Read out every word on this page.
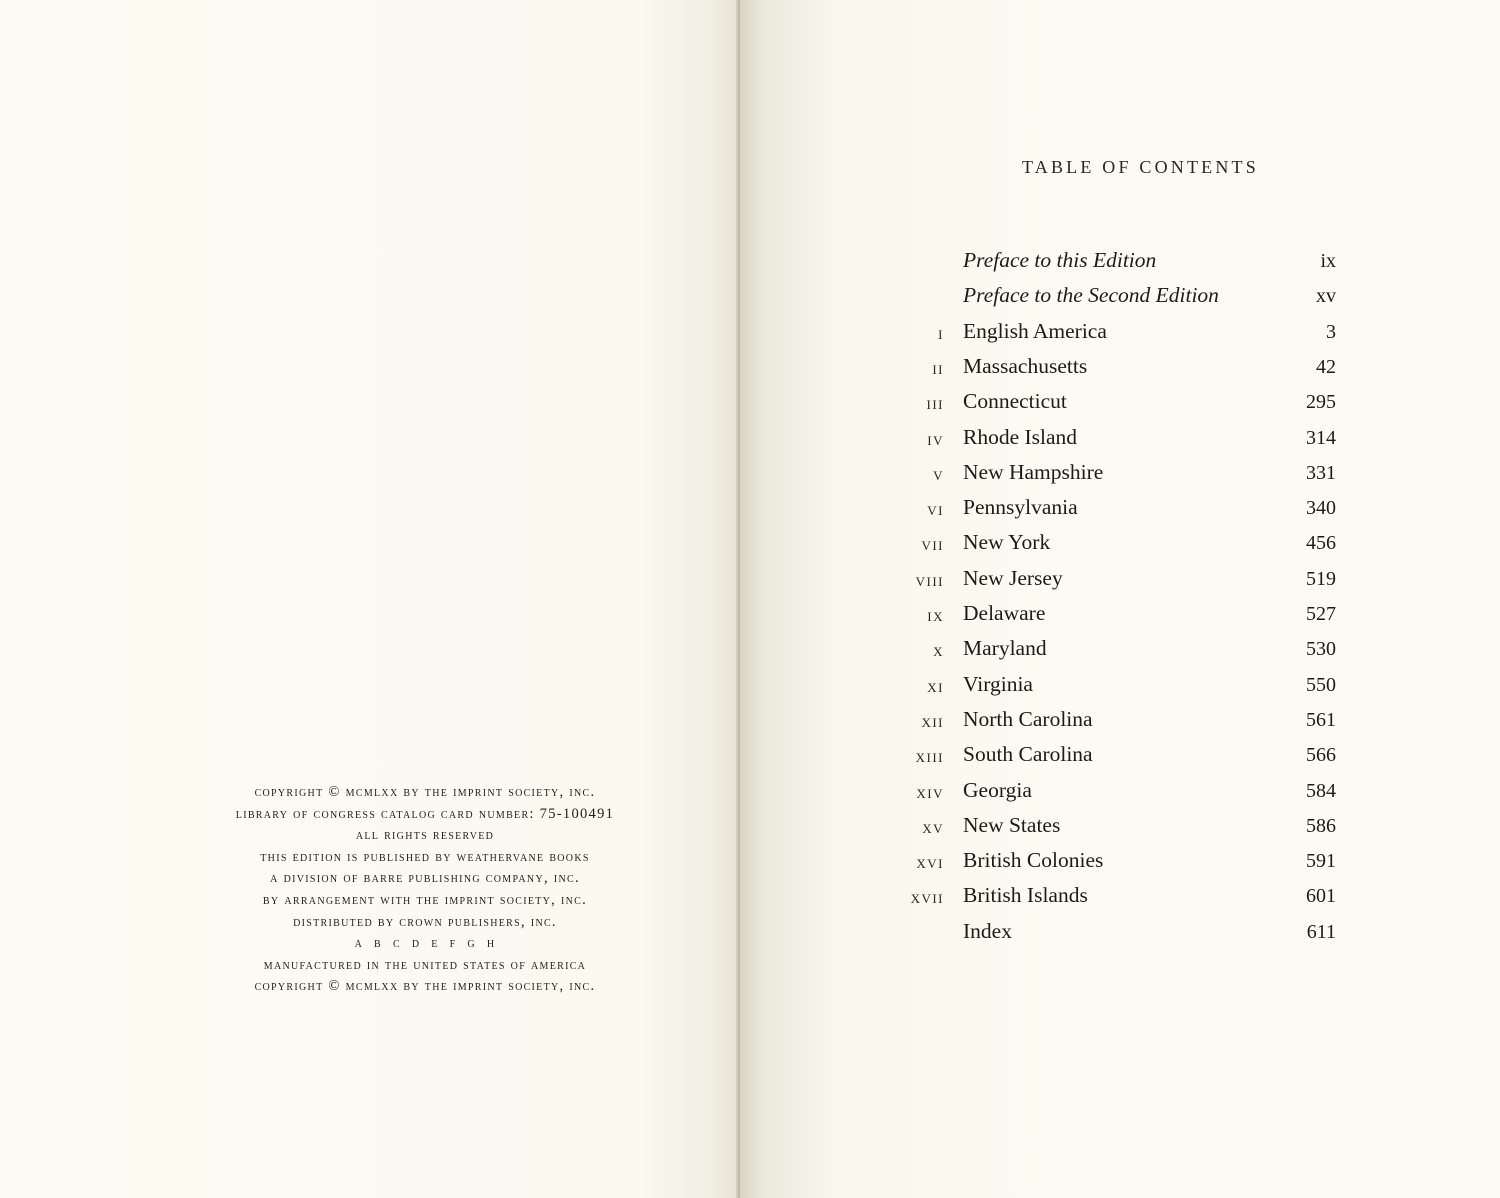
copyright © mcmlxx by the imprint society, inc.
library of congress catalog card number: 75-100491
all rights reserved
this edition is published by weathervane books
a division of barre publishing company, inc.
by arrangement with the imprint society, inc.
distributed by crown publishers, inc.
a b c d e f g h
manufactured in the united states of america
copyright © mcmlxx by the imprint society, inc.
TABLE OF CONTENTS
Preface to this Edition	ix
Preface to the Second Edition	xv
i English America	3
ii Massachusetts	42
iii Connecticut	295
iv Rhode Island	314
v New Hampshire	331
vi Pennsylvania	340
vii New York	456
viii New Jersey	519
ix Delaware	527
x Maryland	530
xi Virginia	550
xii North Carolina	561
xiii South Carolina	566
xiv Georgia	584
xv New States	586
xvi British Colonies	591
xvii British Islands	601
Index	611
